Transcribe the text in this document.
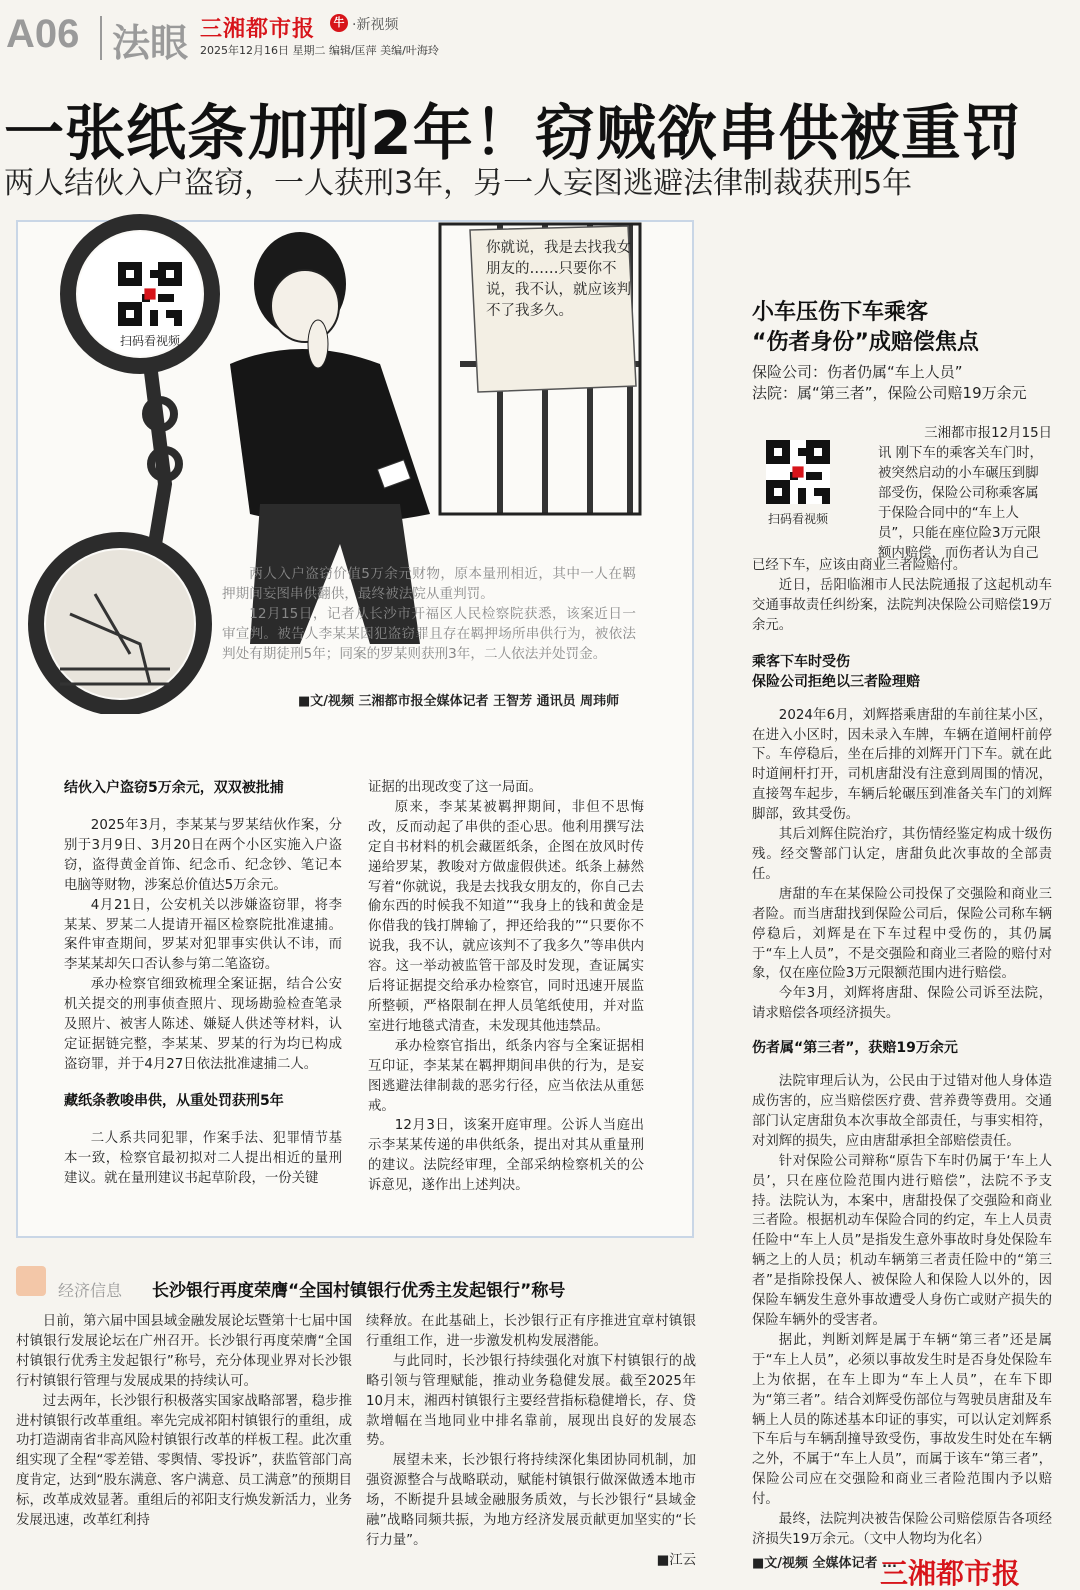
A06 法眼 三湘都市报	牛 ·新视频
2025年12月16日 星期二 编辑/匡萍 美编/叶海玲
一张纸条加刑2年！窃贼欲串供被重罚
两人结伙入户盗窃，一人获刑3年，另一人妄图逃避法律制裁获刑5年
你就说，我是去找我女朋友的……只要你不说，我不认，就应该判不了我多久。
扫码看视频
两人入户盗窃价值5万余元财物，原本量刑相近，其中一人在羁押期间妄图串供翻供，最终被法院从重判罚。
12月15日，记者从长沙市开福区人民检察院获悉，该案近日一审宣判。被告人李某某因犯盗窃罪且存在羁押场所串供行为，被依法判处有期徒刑5年；同案的罗某则获刑3年，二人依法并处罚金。
■文/视频 三湘都市报全媒体记者 王智芳 通讯员 周玮师
结伙入户盗窃5万余元，双双被批捕
2025年3月，李某某与罗某结伙作案，分别于3月9日、3月20日在两个小区实施入户盗窃，盗得黄金首饰、纪念币、纪念钞、笔记本电脑等财物，涉案总价值达5万余元。
4月21日，公安机关以涉嫌盗窃罪，将李某某、罗某二人提请开福区检察院批准逮捕。案件审查期间，罗某对犯罪事实供认不讳，而李某某却矢口否认参与第二笔盗窃。
承办检察官细致梳理全案证据，结合公安机关提交的刑事侦查照片、现场勘验检查笔录及照片、被害人陈述、嫌疑人供述等材料，认定证据链完整，李某某、罗某的行为均已构成盗窃罪，并于4月27日依法批准逮捕二人。
藏纸条教唆串供，从重处罚获刑5年
二人系共同犯罪，作案手法、犯罪情节基本一致，检察官最初拟对二人提出相近的量刑建议。就在量刑建议书起草阶段，一份关键
证据的出现改变了这一局面。
原来，李某某被羁押期间，非但不思悔改，反而动起了串供的歪心思。他利用撰写法定自书材料的机会藏匿纸条，企图在放风时传递给罗某，教唆对方做虚假供述。纸条上赫然写着“你就说，我是去找我女朋友的，你自己去偷东西的时候我不知道”“我身上的钱和黄金是你借我的钱打牌输了，押还给我的”“只要你不说我，我不认，就应该判不了我多久”等串供内容。这一举动被监管干部及时发现，查证属实后将证据提交给承办检察官，同时迅速开展监所整顿，严格限制在押人员笔纸使用，并对监室进行地毯式清查，未发现其他违禁品。
承办检察官指出，纸条内容与全案证据相互印证，李某某在羁押期间串供的行为，是妄图逃避法律制裁的恶劣行径，应当依法从重惩戒。
12月3日，该案开庭审理。公诉人当庭出示李某某传递的串供纸条，提出对其从重量刑的建议。法院经审理，全部采纳检察机关的公诉意见，遂作出上述判决。
小车压伤下车乘客
“伤者身份”成赔偿焦点
保险公司：伤者仍属“车上人员”
法院：属“第三者”，保险公司赔19万余元
扫码看视频
三湘都市报12月15日
讯 刚下车的乘客关车门时，
被突然启动的小车碾压到脚
部受伤，保险公司称乘客属
于保险合同中的“车上人
员”，只能在座位险3万元限
额内赔偿，而伤者认为自己
已经下车，应该由商业三者险赔付。
近日，岳阳临湘市人民法院通报了这起机动车交通事故责任纠纷案，法院判决保险公司赔偿19万余元。
乘客下车时受伤
保险公司拒绝以三者险理赔
2024年6月，刘辉搭乘唐甜的车前往某小区，在进入小区时，因未录入车牌，车辆在道闸杆前停下。车停稳后，坐在后排的刘辉开门下车。就在此时道闸杆打开，司机唐甜没有注意到周围的情况，直接驾车起步，车辆后轮碾压到准备关车门的刘辉脚部，致其受伤。
其后刘辉住院治疗，其伤情经鉴定构成十级伤残。经交警部门认定，唐甜负此次事故的全部责任。
唐甜的车在某保险公司投保了交强险和商业三者险。而当唐甜找到保险公司后，保险公司称车辆停稳后，刘辉是在下车过程中受伤的，其仍属于“车上人员”，不是交强险和商业三者险的赔付对象，仅在座位险3万元限额范围内进行赔偿。
今年3月，刘辉将唐甜、保险公司诉至法院，请求赔偿各项经济损失。
伤者属“第三者”，获赔19万余元
法院审理后认为，公民由于过错对他人身体造成伤害的，应当赔偿医疗费、营养费等费用。交通部门认定唐甜负本次事故全部责任，与事实相符，对刘辉的损失，应由唐甜承担全部赔偿责任。
针对保险公司辩称“原告下车时仍属于‘车上人员’，只在座位险范围内进行赔偿”，法院不予支持。法院认为，本案中，唐甜投保了交强险和商业三者险。根据机动车保险合同的约定，车上人员责任险中“车上人员”是指发生意外事故时身处保险车辆之上的人员；机动车辆第三者责任险中的“第三者”是指除投保人、被保险人和保险人以外的，因保险车辆发生意外事故遭受人身伤亡或财产损失的保险车辆外的受害者。
据此，判断刘辉是属于车辆“第三者”还是属于“车上人员”，必须以事故发生时是否身处保险车上为依据，在车上即为“车上人员”，在车下即为“第三者”。结合刘辉受伤部位与驾驶员唐甜及车辆上人员的陈述基本印证的事实，可以认定刘辉系下车后与车辆刮撞导致受伤，事故发生时处在车辆之外，不属于“车上人员”，而属于该车“第三者”，保险公司应在交强险和商业三者险范围内予以赔付。
最终，法院判决被告保险公司赔偿原告各项经济损失19万余元。（文中人物均为化名）
■文/视频 全媒体记者 ...
经济信息 长沙银行再度荣膺“全国村镇银行优秀主发起银行”称号
日前，第六届中国县域金融发展论坛暨第十七届中国村镇银行发展论坛在广州召开。长沙银行再度荣膺“全国村镇银行优秀主发起银行”称号，充分体现业界对长沙银行村镇银行管理与发展成果的持续认可。
过去两年，长沙银行积极落实国家战略部署，稳步推进村镇银行改革重组。率先完成祁阳村镇银行的重组，成功打造湖南省非高风险村镇银行改革的样板工程。此次重组实现了全程“零差错、零舆情、零投诉”，获监管部门高度肯定，达到“股东满意、客户满意、员工满意”的预期目标，改革成效显著。重组后的祁阳支行焕发新活力，业务发展迅速，改革红利持
续释放。在此基础上，长沙银行正有序推进宜章村镇银行重组工作，进一步激发机构发展潜能。
与此同时，长沙银行持续强化对旗下村镇银行的战略引领与管理赋能，推动业务稳健发展。截至2025年10月末，湘西村镇银行主要经营指标稳健增长，存、贷款增幅在当地同业中排名靠前，展现出良好的发展态势。
展望未来，长沙银行将持续深化集团协同机制，加强资源整合与战略联动，赋能村镇银行做深做透本地市场，不断提升县域金融服务质效，与长沙银行“县域金融”战略同频共振，为地方经济发展贡献更加坚实的“长行力量”。
■江云	三湘都市报
